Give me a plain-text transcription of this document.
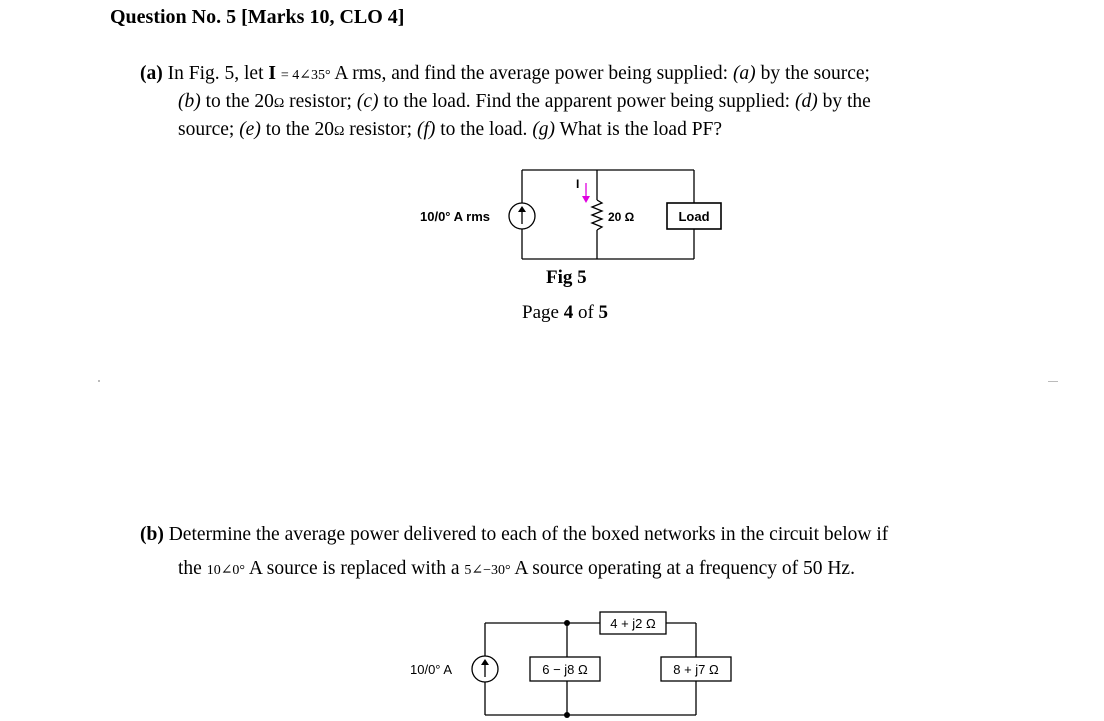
Question No. 5 [Marks 10, CLO 4]
(a) In Fig. 5, let I = 4∠35° A rms, and find the average power being supplied: (a) by the source;
(b) to the 20Ω resistor; (c) to the load. Find the apparent power being supplied: (d) by the
source; (e) to the 20Ω resistor; (f) to the load. (g) What is the load PF?
10/0° A rms
I
20 Ω	Load
10/0° A	6 − j8 Ω
4 + j2 Ω
8 + j7 Ω
Fig 5
Page 4 of 5
(b) Determine the average power delivered to each of the boxed networks in the circuit below if
the 10∠0° A source is replaced with a 5∠−30° A source operating at a frequency of 50 Hz.
